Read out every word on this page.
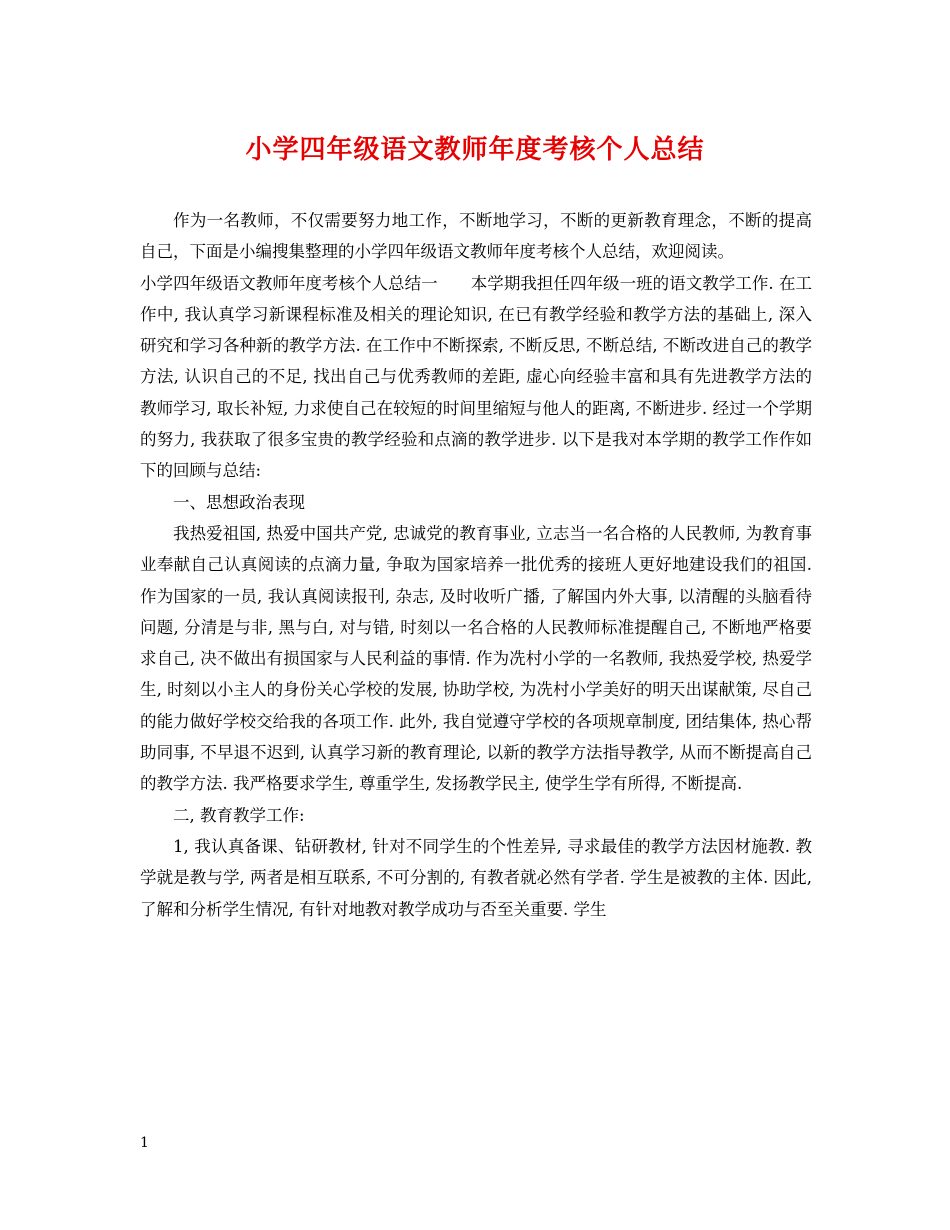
小学四年级语文教师年度考核个人总结

作为一名教师，不仅需要努力地工作，不断地学习，不断的更新教育理念，不断的提高自己，下面是小编搜集整理的小学四年级语文教师年度考核个人总结，欢迎阅读。

小学四年级语文教师年度考核个人总结一　　本学期我担任四年级一班的语文教学工作. 在工作中, 我认真学习新课程标准及相关的理论知识, 在已有教学经验和教学方法的基础上, 深入研究和学习各种新的教学方法. 在工作中不断探索, 不断反思, 不断总结, 不断改进自己的教学方法, 认识自己的不足, 找出自己与优秀教师的差距, 虚心向经验丰富和具有先进教学方法的教师学习, 取长补短, 力求使自己在较短的时间里缩短与他人的距离, 不断进步. 经过一个学期的努力, 我获取了很多宝贵的教学经验和点滴的教学进步. 以下是我对本学期的教学工作作如下的回顾与总结:

一、思想政治表现

我热爱祖国, 热爱中国共产党, 忠诚党的教育事业, 立志当一名合格的人民教师, 为教育事业奉献自己认真阅读的点滴力量, 争取为国家培养一批优秀的接班人更好地建设我们的祖国. 作为国家的一员, 我认真阅读报刊, 杂志, 及时收听广播, 了解国内外大事, 以清醒的头脑看待问题, 分清是与非, 黑与白, 对与错, 时刻以一名合格的人民教师标准提醒自己, 不断地严格要求自己, 决不做出有损国家与人民利益的事情. 作为冼村小学的一名教师, 我热爱学校, 热爱学生, 时刻以小主人的身份关心学校的发展, 协助学校, 为冼村小学美好的明天出谋献策, 尽自己的能力做好学校交给我的各项工作. 此外, 我自觉遵守学校的各项规章制度, 团结集体, 热心帮助同事, 不早退不迟到, 认真学习新的教育理论, 以新的教学方法指导教学, 从而不断提高自己的教学方法. 我严格要求学生, 尊重学生, 发扬教学民主, 使学生学有所得, 不断提高.

二, 教育教学工作:

1, 我认真备课、钻研教材, 针对不同学生的个性差异, 寻求最佳的教学方法因材施教. 教学就是教与学, 两者是相互联系, 不可分割的, 有教者就必然有学者. 学生是被教的主体. 因此, 了解和分析学生情况, 有针对地教对教学成功与否至关重要. 学生

1
